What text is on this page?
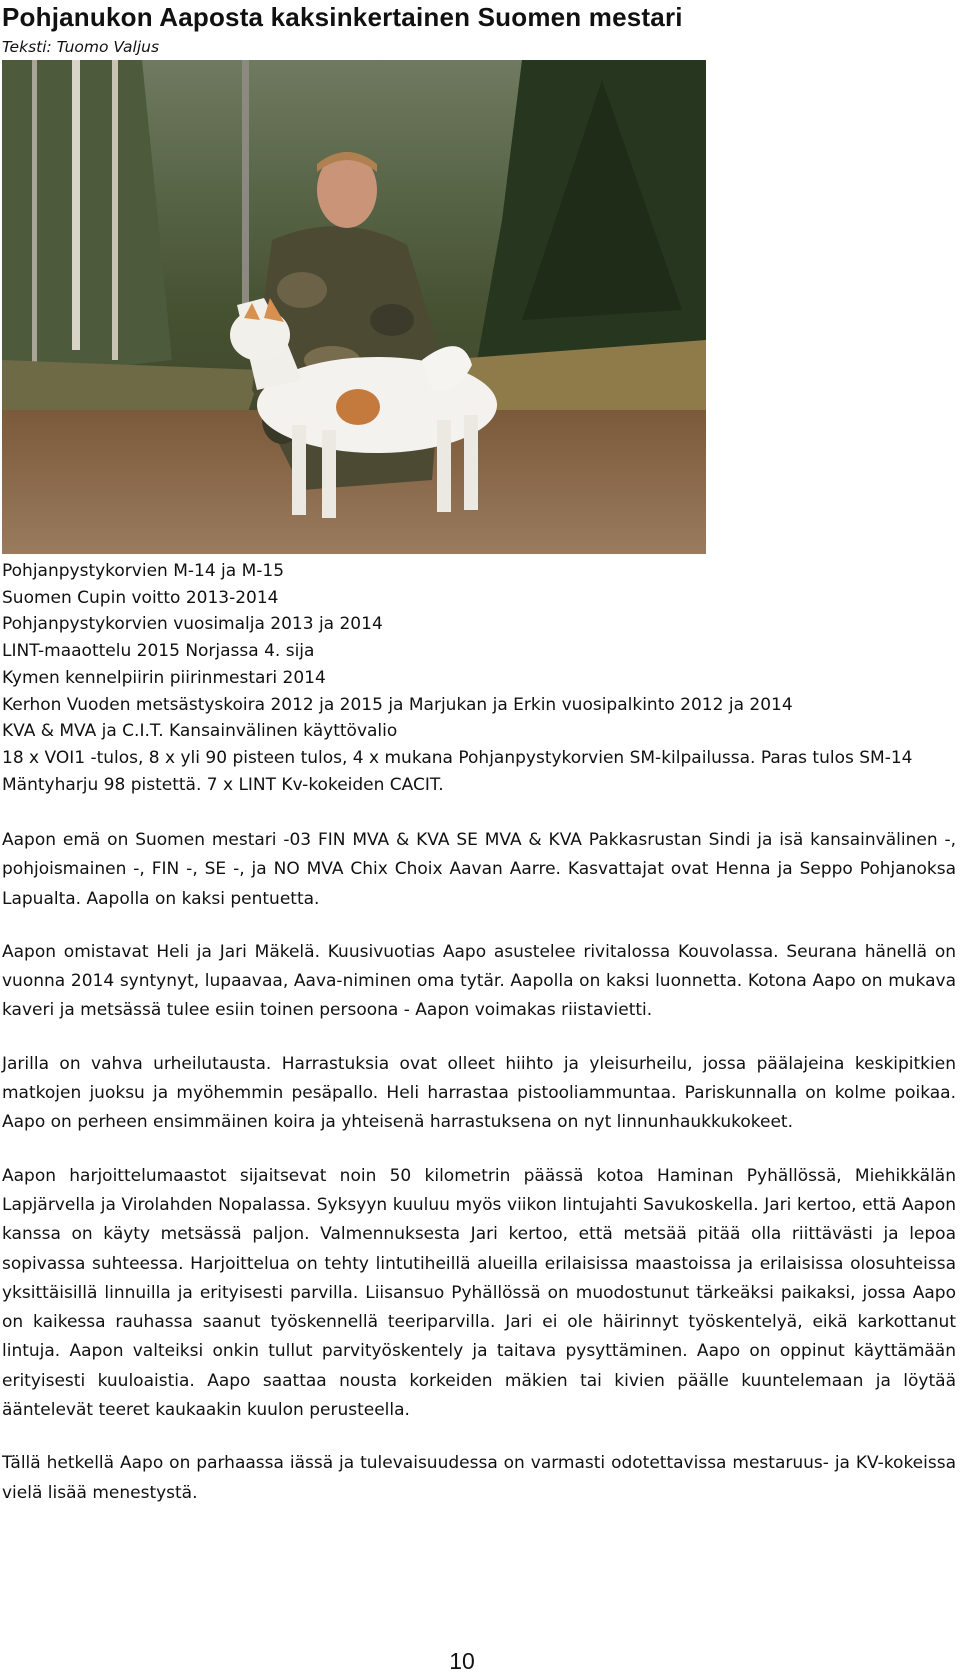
Pohjanukon Aaposta kaksinkertainen Suomen mestari
Teksti: Tuomo Valjus
Pohjanpystykorvien M-14 ja M-15
Suomen Cupin voitto 2013-2014
Pohjanpystykorvien vuosimalja 2013 ja 2014
LINT-maaottelu 2015 Norjassa 4. sija
Kymen kennelpiirin piirinmestari 2014
Kerhon Vuoden metsästyskoira 2012 ja 2015 ja Marjukan ja Erkin vuosipalkinto 2012 ja 2014
KVA & MVA ja C.I.T. Kansainvälinen käyttövalio
18 x VOI1 -tulos, 8 x yli 90 pisteen tulos, 4 x mukana Pohjanpystykorvien SM-kilpailussa. Paras tulos SM-14 Mäntyharju 98 pistettä. 7 x LINT Kv-kokeiden CACIT.

Aapon emä on Suomen mestari -03 FIN MVA & KVA SE MVA & KVA Pakkasrustan Sindi ja isä kansainvälinen -, pohjoismainen -, FIN -, SE -, ja NO MVA Chix Choix Aavan Aarre. Kasvattajat ovat Henna ja Seppo Pohjanoksa Lapualta. Aapolla on kaksi pentuetta.

Aapon omistavat Heli ja Jari Mäkelä. Kuusivuotias Aapo asustelee rivitalossa Kouvolassa. Seurana hänellä on vuonna 2014 syntynyt, lupaavaa, Aava-niminen oma tytär. Aapolla on kaksi luonnetta. Kotona Aapo on mukava kaveri ja metsässä tulee esiin toinen persoona - Aapon voimakas riistavietti.

Jarilla on vahva urheilutausta. Harrastuksia ovat olleet hiihto ja yleisurheilu, jossa päälajeina keskipitkien matkojen juoksu ja myöhemmin pesäpallo. Heli harrastaa pistooliammuntaa. Pariskunnalla on kolme poikaa. Aapo on perheen ensimmäinen koira ja yhteisenä harrastuksena on nyt linnunhaukkukokeet.

Aapon harjoittelumaastot sijaitsevat noin 50 kilometrin päässä kotoa Haminan Pyhällössä, Miehikkälän Lapjärvella ja Virolahden Nopalassa. Syksyyn kuuluu myös viikon lintujahti Savukoskella. Jari kertoo, että Aapon kanssa on käyty metsässä paljon. Valmennuksesta Jari kertoo, että metsää pitää olla riittävästi ja lepoa sopivassa suhteessa. Harjoittelua on tehty lintutiheillä alueilla erilaisissa maastoissa ja erilaisissa olosuhteissa yksittäisillä linnuilla ja erityisesti parvilla. Liisansuo Pyhällössä on muodostunut tärkeäksi paikaksi, jossa Aapo on kaikessa rauhassa saanut työskennellä teeriparvilla. Jari ei ole häirinnyt työskentelyä, eikä karkottanut lintuja. Aapon valteiksi onkin tullut parvityöskentely ja taitava pysyttäminen. Aapo on oppinut käyttämään erityisesti kuuloaistia. Aapo saattaa nousta korkeiden mäkien tai kivien päälle kuuntelemaan ja löytää ääntelevät teeret kaukaakin kuulon perusteella.

Tällä hetkellä Aapo on parhaassa iässä ja tulevaisuudessa on varmasti odotettavissa mestaruus- ja KV-kokeissa vielä lisää menestystä.

10
